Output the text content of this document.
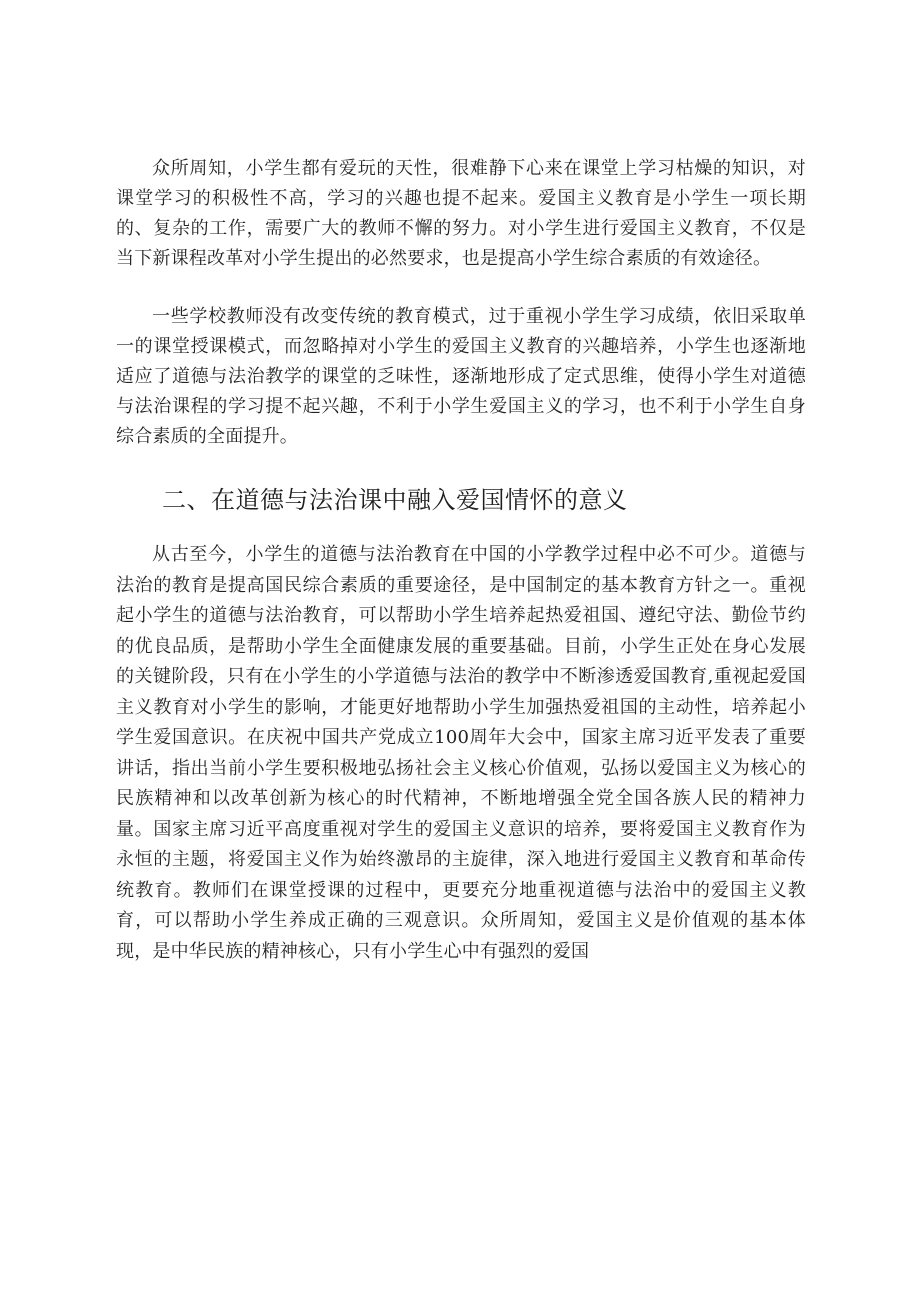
众所周知，小学生都有爱玩的天性，很难静下心来在课堂上学习枯燥的知识，对课堂学习的积极性不高，学习的兴趣也提不起来。爱国主义教育是小学生一项长期的、复杂的工作，需要广大的教师不懈的努力。对小学生进行爱国主义教育，不仅是当下新课程改革对小学生提出的必然要求，也是提高小学生综合素质的有效途径。

一些学校教师没有改变传统的教育模式，过于重视小学生学习成绩，依旧采取单一的课堂授课模式，而忽略掉对小学生的爱国主义教育的兴趣培养，小学生也逐渐地适应了道德与法治教学的课堂的乏味性，逐渐地形成了定式思维，使得小学生对道德与法治课程的学习提不起兴趣，不利于小学生爱国主义的学习，也不利于小学生自身综合素质的全面提升。

二、在道德与法治课中融入爱国情怀的意义

从古至今，小学生的道德与法治教育在中国的小学教学过程中必不可少。道德与法治的教育是提高国民综合素质的重要途径，是中国制定的基本教育方针之一。重视起小学生的道德与法治教育，可以帮助小学生培养起热爱祖国、遵纪守法、勤俭节约的优良品质，是帮助小学生全面健康发展的重要基础。目前，小学生正处在身心发展的关键阶段，只有在小学生的小学道德与法治的教学中不断渗透爱国教育,重视起爱国主义教育对小学生的影响，才能更好地帮助小学生加强热爱祖国的主动性，培养起小学生爱国意识。在庆祝中国共产党成立100周年大会中，国家主席习近平发表了重要讲话，指出当前小学生要积极地弘扬社会主义核心价值观，弘扬以爱国主义为核心的民族精神和以改革创新为核心的时代精神，不断地增强全党全国各族人民的精神力量。国家主席习近平高度重视对学生的爱国主义意识的培养，要将爱国主义教育作为永恒的主题，将爱国主义作为始终激昂的主旋律，深入地进行爱国主义教育和革命传统教育。教师们在课堂授课的过程中，更要充分地重视道德与法治中的爱国主义教育，可以帮助小学生养成正确的三观意识。众所周知，爱国主义是价值观的基本体现，是中华民族的精神核心，只有小学生心中有强烈的爱国
